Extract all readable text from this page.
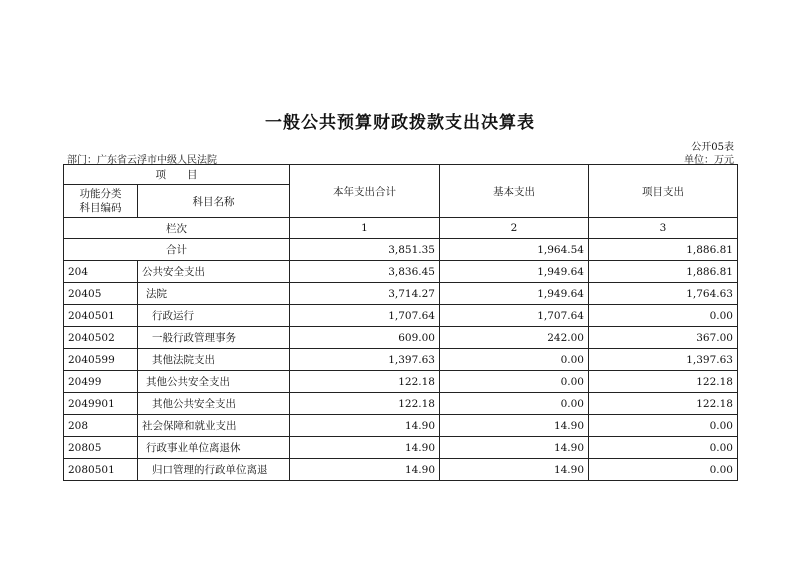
一般公共预算财政拨款支出决算表
公开05表
部门：广东省云浮市中级人民法院	单位：万元
项　　目		本年支出合计	基本支出	项目支出
功能分类
科目编码	科目名称			
栏次		1	2	3
合计		3,851.35	1,964.54	1,886.81
204	公共安全支出	3,836.45	1,949.64	1,886.81
20405	法院	3,714.27	1,949.64	1,764.63
2040501	行政运行	1,707.64	1,707.64	0.00
2040502	一般行政管理事务	609.00	242.00	367.00
2040599	其他法院支出	1,397.63	0.00	1,397.63
20499	其他公共安全支出	122.18	0.00	122.18
2049901	其他公共安全支出	122.18	0.00	122.18
208	社会保障和就业支出	14.90	14.90	0.00
20805	行政事业单位离退休	14.90	14.90	0.00
2080501	归口管理的行政单位离退	14.90	14.90	0.00
